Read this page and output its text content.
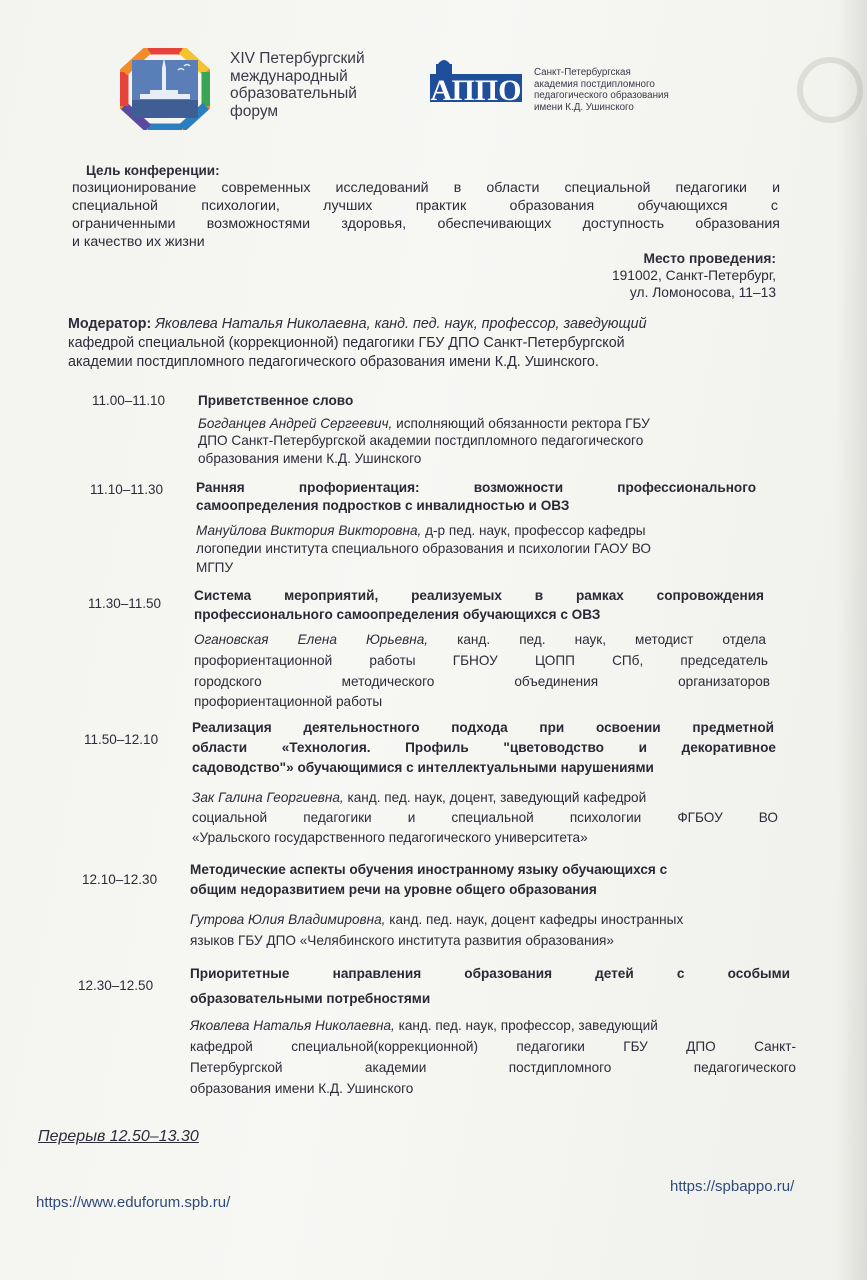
XIV Петербургский
международный
образовательный
форум
АППО
Санкт-Петербургская
академия постдипломного
педагогического образования
имени К.Д. Ушинского
Цель конференции:
позиционирование современных исследований в области специальной педагогики и
специальной психологии, лучших практик образования обучающихся с
ограниченными возможностями здоровья, обеспечивающих доступность образования
и качество их жизни
Место проведения:
191002, Санкт-Петербург,
ул. Ломоносова, 11–13
Модератор: Яковлева Наталья Николаевна, канд. пед. наук, профессор, заведующий
кафедрой специальной (коррекционной) педагогики ГБУ ДПО Санкт-Петербургской
академии постдипломного педагогического образования имени К.Д. Ушинского.
11.00–11.10 Приветственное слово
Богданцев Андрей Сергеевич, исполняющий обязанности ректора ГБУ
ДПО Санкт-Петербургской академии постдипломного педагогического
образования имени К.Д. Ушинского
11.10–11.30 Ранняя профориентация: возможности профессионального
самоопределения подростков с инвалидностью и ОВЗ
Мануйлова Виктория Викторовна, д-р пед. наук, профессор кафедры
логопедии института специального образования и психологии ГАОУ ВО
МГПУ
11.30–11.50
Система мероприятий, реализуемых в рамках сопровождения
профессионального самоопределения обучающихся с ОВЗ
Огановская Елена Юрьевна, канд. пед. наук, методист отдела
профориентационной работы ГБНОУ ЦОПП СПб, председатель
городского методического объединения организаторов
профориентационной работы
11.50–12.10
Реализация деятельностного подхода при освоении предметной
области «Технология. Профиль "цветоводство и декоративное
садоводство"» обучающимися с интеллектуальными нарушениями
Зак Галина Георгиевна, канд. пед. наук, доцент, заведующий кафедрой
социальной педагогики и специальной психологии ФГБОУ ВО
«Уральского государственного педагогического университета»
12.10–12.30
Методические аспекты обучения иностранному языку обучающихся с
общим недоразвитием речи на уровне общего образования
Гутрова Юлия Владимировна, канд. пед. наук, доцент кафедры иностранных
языков ГБУ ДПО «Челябинского института развития образования»
12.30–12.50
Приоритетные направления образования детей с особыми
образовательными потребностями
Яковлева Наталья Николаевна, канд. пед. наук, профессор, заведующий
кафедрой специальной(коррекционной) педагогики ГБУ ДПО Санкт-
Петербургской академии постдипломного педагогического
образования имени К.Д. Ушинского
Перерыв 12.50–13.30
https://www.eduforum.spb.ru/
https://spbappo.ru/
